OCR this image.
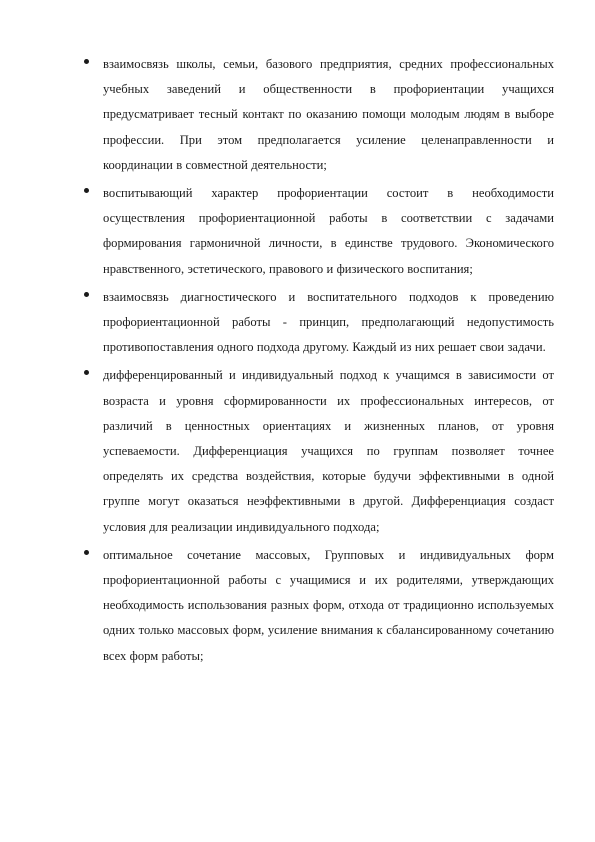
взаимосвязь школы, семьи, базового предприятия, средних профессиональных учебных заведений и общественности в профориентации учащихся предусматривает тесный контакт по оказанию помощи молодым людям в выборе профессии. При этом предполагается усиление целенаправленности и координации в совместной деятельности;
воспитывающий характер профориентации состоит в необходимости осуществления профориентационной работы в соответствии с задачами формирования гармоничной личности, в единстве трудового. Экономического нравственного, эстетического, правового и физического воспитания;
взаимосвязь диагностического и воспитательного подходов к проведению профориентационной работы - принцип, предполагающий недопустимость противопоставления одного подхода другому. Каждый из них решает свои задачи.
дифференцированный и индивидуальный подход к учащимся в зависимости от возраста и уровня сформированности их профессиональных интересов, от различий в ценностных ориентациях и жизненных планов, от уровня успеваемости. Дифференциация учащихся по группам позволяет точнее определять их средства воздействия, которые будучи эффективными в одной группе могут оказаться неэффективными в другой. Дифференциация создаст условия для реализации индивидуального подхода;
оптимальное сочетание массовых, Групповых и индивидуальных форм профориентационной работы с учащимися и их родителями, утверждающих необходимость использования разных форм, отхода от традиционно используемых одних только массовых форм, усиление внимания к сбалансированному сочетанию всех форм работы;
